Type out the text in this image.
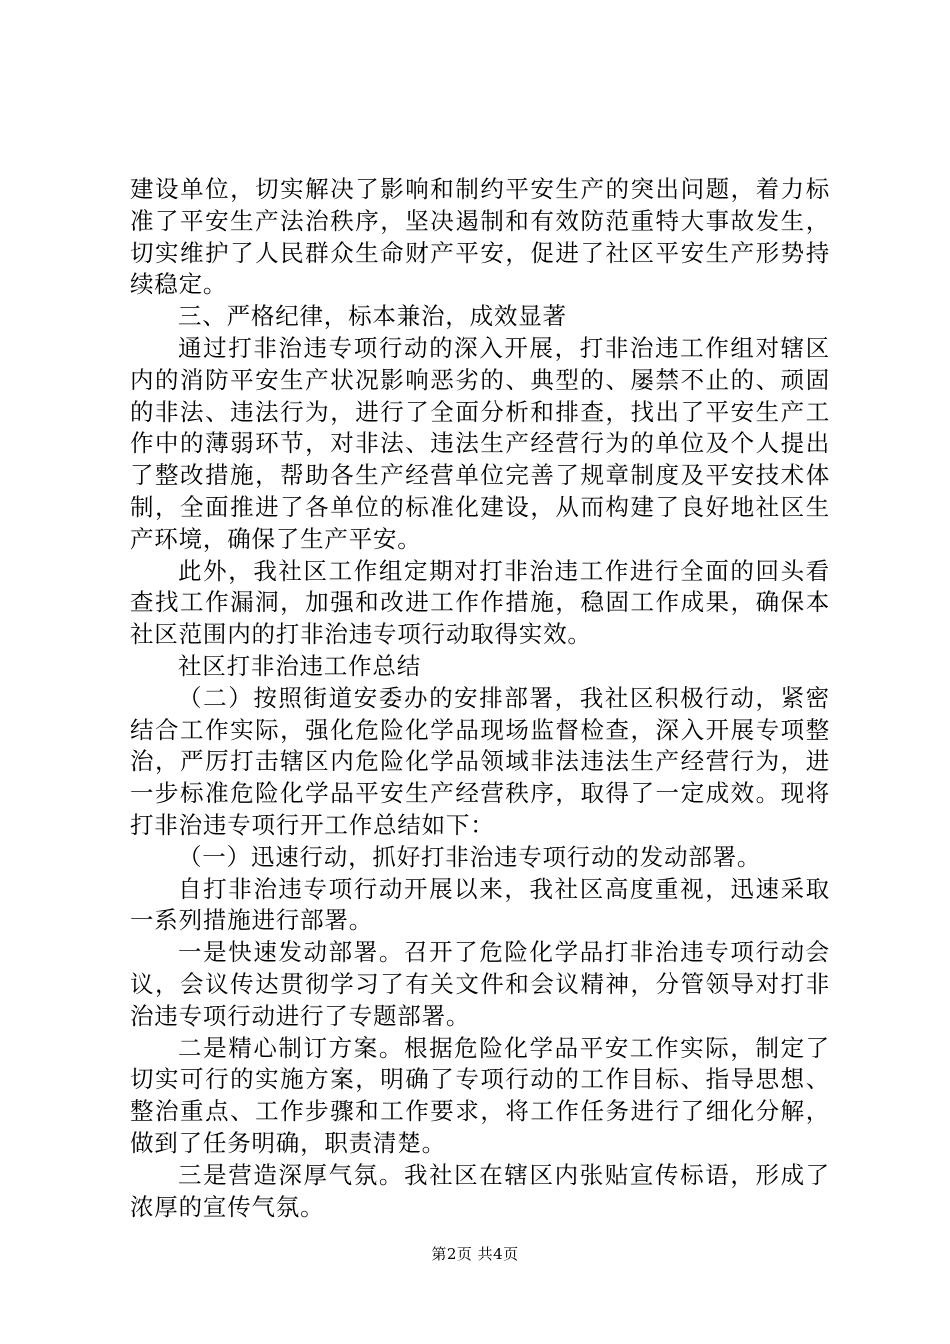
建设单位，切实解决了影响和制约平安生产的突出问题，着力标准了平安生产法治秩序，坚决遏制和有效防范重特大事故发生，切实维护了人民群众生命财产平安，促进了社区平安生产形势持续稳定。

三、严格纪律，标本兼治，成效显著

通过打非治违专项行动的深入开展，打非治违工作组对辖区内的消防平安生产状况影响恶劣的、典型的、屡禁不止的、顽固的非法、违法行为，进行了全面分析和排查，找出了平安生产工作中的薄弱环节，对非法、违法生产经营行为的单位及个人提出了整改措施，帮助各生产经营单位完善了规章制度及平安技术体制，全面推进了各单位的标准化建设，从而构建了良好地社区生产环境，确保了生产平安。

此外，我社区工作组定期对打非治违工作进行全面的回头看查找工作漏洞，加强和改进工作作措施，稳固工作成果，确保本社区范围内的打非治违专项行动取得实效。

社区打非治违工作总结

（二）按照街道安委办的安排部署，我社区积极行动，紧密结合工作实际，强化危险化学品现场监督检查，深入开展专项整治，严厉打击辖区内危险化学品领域非法违法生产经营行为，进一步标准危险化学品平安生产经营秩序，取得了一定成效。现将打非治违专项行开工作总结如下：

（一）迅速行动，抓好打非治违专项行动的发动部署。

自打非治违专项行动开展以来，我社区高度重视，迅速采取一系列措施进行部署。

一是快速发动部署。召开了危险化学品打非治违专项行动会议，会议传达贯彻学习了有关文件和会议精神，分管领导对打非治违专项行动进行了专题部署。

二是精心制订方案。根据危险化学品平安工作实际，制定了切实可行的实施方案，明确了专项行动的工作目标、指导思想、整治重点、工作步骤和工作要求，将工作任务进行了细化分解，做到了任务明确，职责清楚。

三是营造深厚气氛。我社区在辖区内张贴宣传标语，形成了浓厚的宣传气氛。

第2页 共4页
